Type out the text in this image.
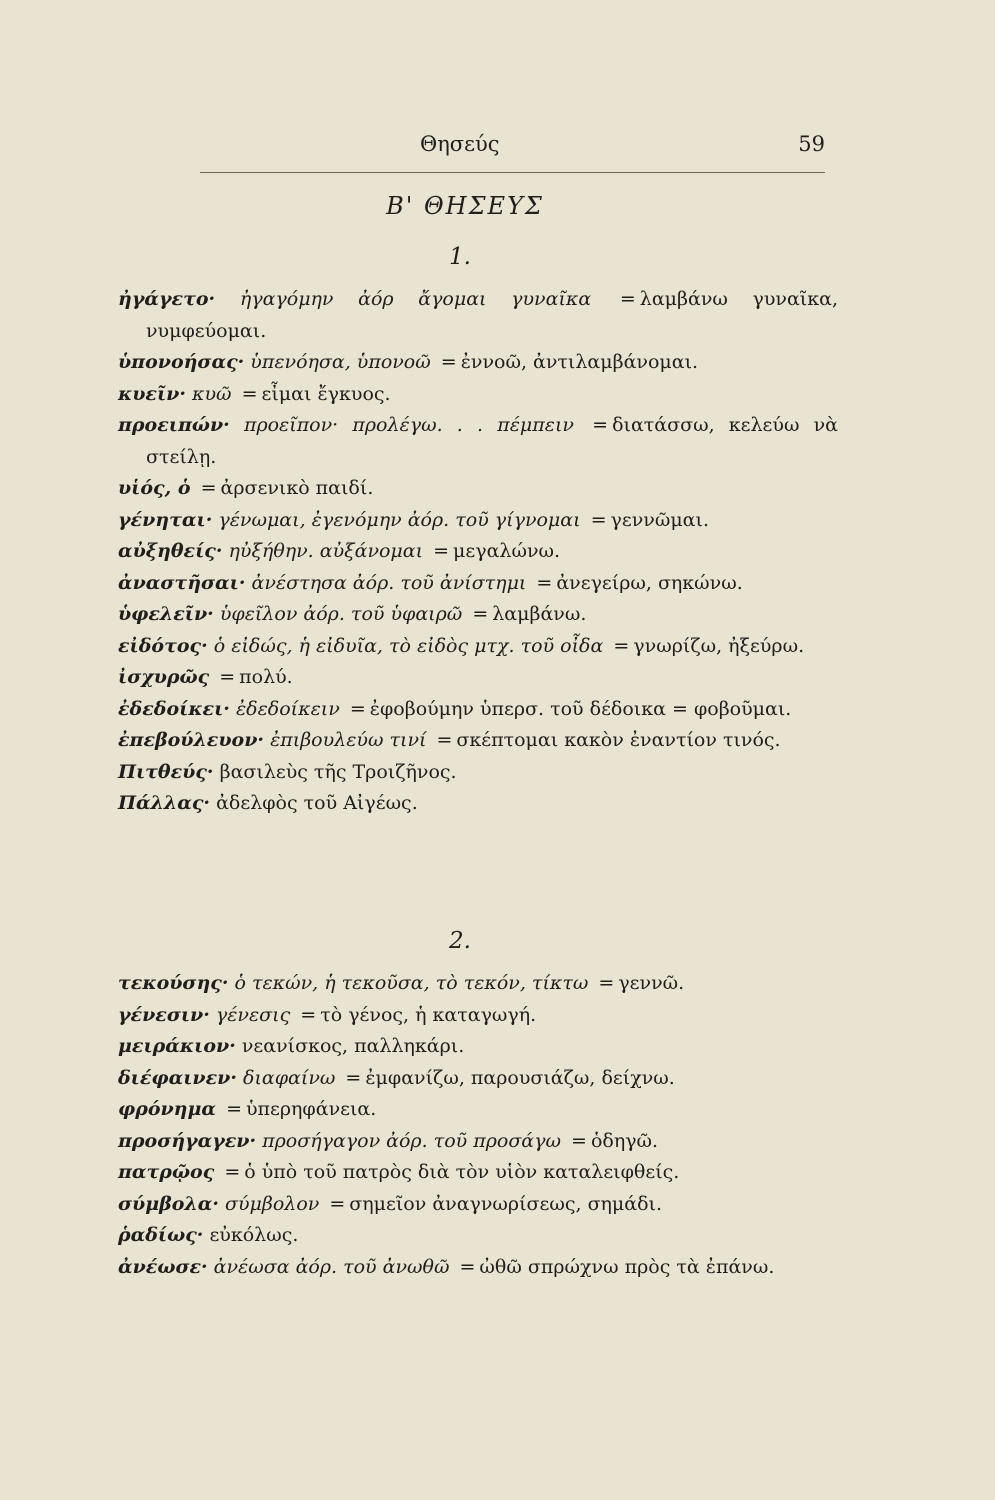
Θησεύς	59
Β' ΘΗΣΕΥΣ
1.
ἠγάγετο· ἠγαγόμην ἀόρ ἄγομαι γυναῖκα = λαμβάνω γυναῖκα, νυμφεύομαι.
ὑπονοήσας· ὑπενόησα, ὑπονοῶ = ἐννοῶ, ἀντιλαμβάνομαι.
κυεῖν· κυῶ = εἶμαι ἔγκυος.
προειπών· προεῖπον· προλέγω. . . πέμπειν = διατάσσω, κελεύω νὰ στείλῃ.
υἱός, ὁ = ἀρσενικὸ παιδί.
γένηται· γένωμαι, ἐγενόμην ἀόρ. τοῦ γίγνομαι = γεννῶμαι.
αὐξηθείς· ηὐξήθην. αὐξάνομαι = μεγαλώνω.
ἀναστῆσαι· ἀνέστησα ἀόρ. τοῦ ἀνίστημι = ἀνεγείρω, σηκώνω.
ὑφελεῖν· ὑφεῖλον ἀόρ. τοῦ ὑφαιρῶ = λαμβάνω.
εἰδότος· ὁ εἰδώς, ἡ εἰδυῖα, τὸ εἰδὸς μτχ. τοῦ οἶδα = γνωρίζω, ἠξεύρω.
ἰσχυρῶς = πολύ.
ἐδεδοίκει· ἐδεδοίκειν = ἐφοβούμην ὑπερσ. τοῦ δέδοικα = φοβοῦμαι.
ἐπεβούλευον· ἐπιβουλεύω τινί = σκέπτομαι κακὸν ἐναντίον τινός.
Πιτθεύς· βασιλεὺς τῆς Τροιζῆνος.
Πάλλας· ἀδελφὸς τοῦ Αἰγέως.
2.
τεκούσης· ὁ τεκών, ἡ τεκοῦσα, τὸ τεκόν, τίκτω = γεννῶ.
γένεσιν· γένεσις = τὸ γένος, ἡ καταγωγή.
μειράκιον· νεανίσκος, παλληκάρι.
διέφαινεν· διαφαίνω = ἐμφανίζω, παρουσιάζω, δείχνω.
φρόνημα = ὑπερηφάνεια.
προσήγαγεν· προσήγαγον ἀόρ. τοῦ προσάγω = ὁδηγῶ.
πατρῷος = ὁ ὑπὸ τοῦ πατρὸς διὰ τὸν υἱὸν καταλειφθείς.
σύμβολα· σύμβολον = σημεῖον ἀναγνωρίσεως, σημάδι.
ῥαδίως· εὐκόλως.
ἀνέωσε· ἀνέωσα ἀόρ. τοῦ ἀνωθῶ = ὠθῶ σπρώχνω πρὸς τὰ ἐπάνω.
